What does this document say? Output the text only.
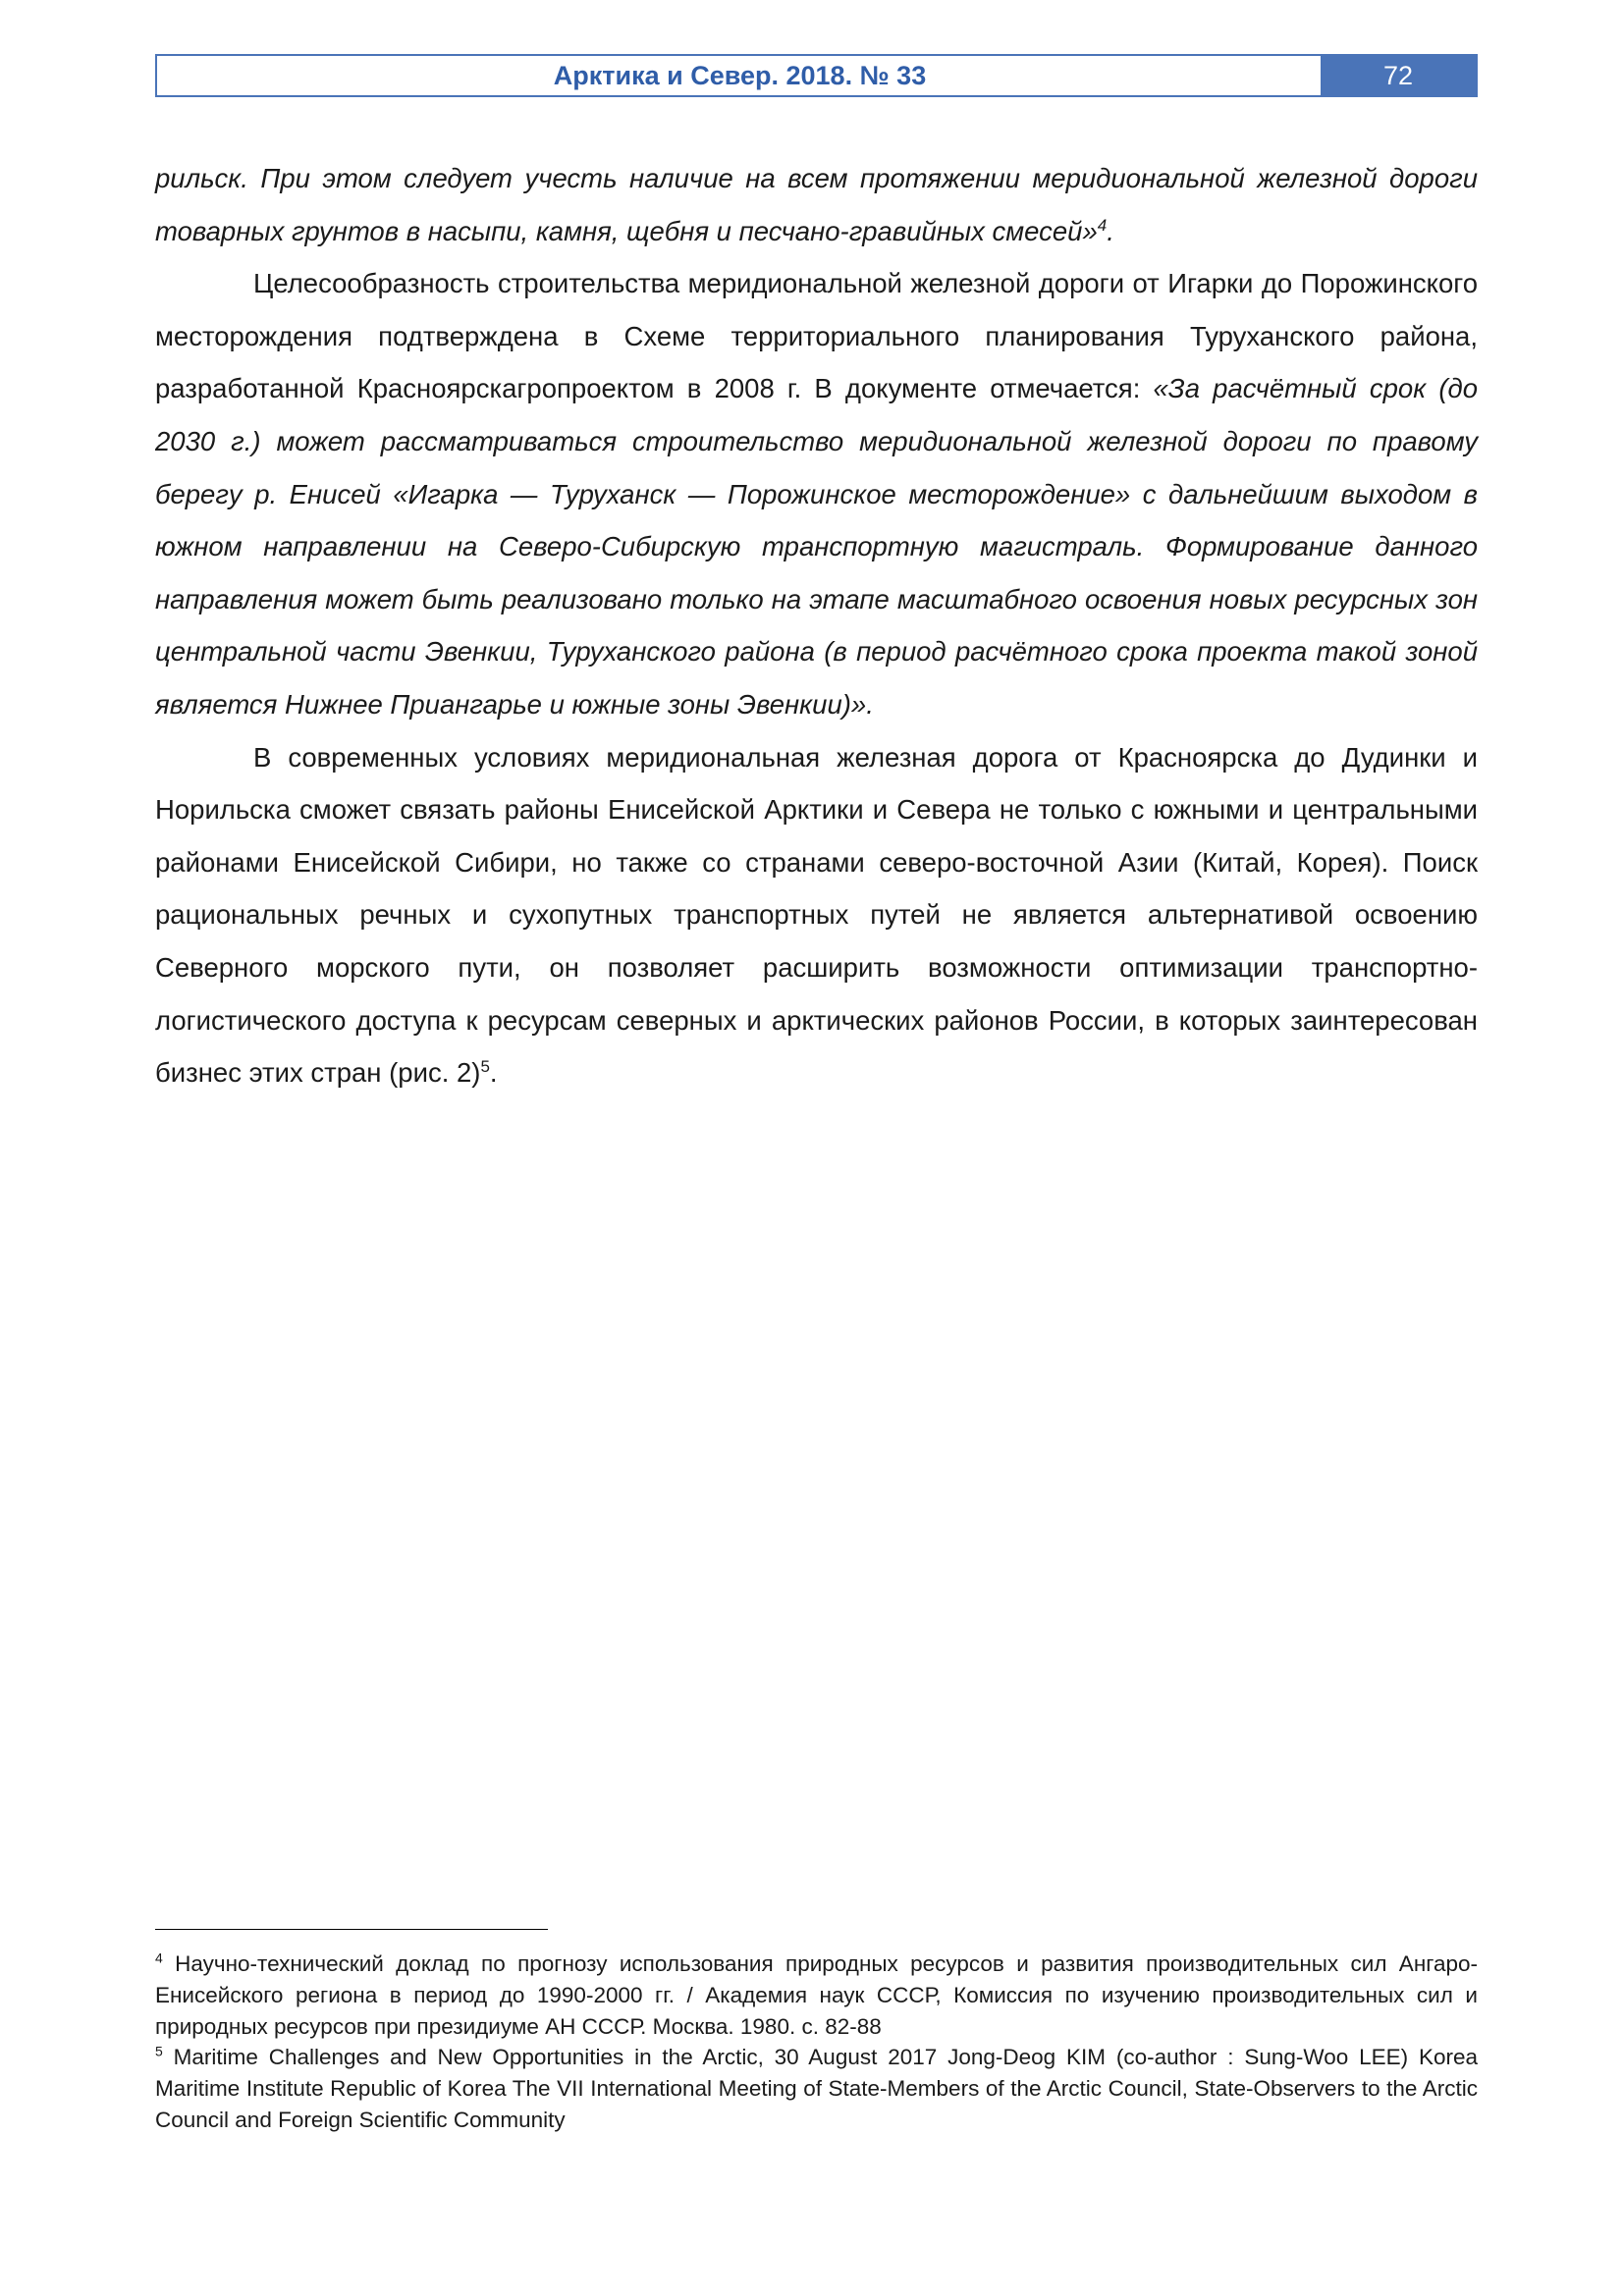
Арктика и Север. 2018. № 33	72

рильск. При этом следует учесть наличие на всем протяжении меридиональной железной дороги товарных грунтов в насыпи, камня, щебня и песчано-гравийных смесей»$^4$.

Целесообразность строительства меридиональной железной дороги от Игарки до Порожинского месторождения подтверждена в Схеме территориального планирования Туруханского района, разработанной Красноярскагропроектом в 2008 г. В документе отмечается: «За расчётный срок (до 2030 г.) может рассматриваться строительство меридиональной железной дороги по правому берегу р. Енисей «Игарка — Туруханск — Порожинское месторождение» с дальнейшим выходом в южном направлении на Северо-Сибирскую транспортную магистраль. Формирование данного направления может быть реализовано только на этапе масштабного освоения новых ресурсных зон центральной части Эвенкии, Туруханского района (в период расчётного срока проекта такой зоной является Нижнее Приангарье и южные зоны Эвенкии)».

В современных условиях меридиональная железная дорога от Красноярска до Дудинки и Норильска сможет связать районы Енисейской Арктики и Севера не только с южными и центральными районами Енисейской Сибири, но также со странами северо-восточной Азии (Китай, Корея). Поиск рациональных речных и сухопутных транспортных путей не является альтернативой освоению Северного морского пути, он позволяет расширить возможности оптимизации транспортно-логистического доступа к ресурсам северных и арктических районов России, в которых заинтересован бизнес этих стран (рис. 2)$^5$.

$^4$ Научно-технический доклад по прогнозу использования природных ресурсов и развития производительных сил Ангаро-Енисейского региона в период до 1990-2000 гг. / Академия наук СССР, Комиссия по изучению производительных сил и природных ресурсов при президиуме АН СССР. Москва. 1980. с. 82-88

$^5$ Maritime Challenges and New Opportunities in the Arctic, 30 August 2017 Jong-Deog KIM (co-author : Sung-Woo LEE) Korea Maritime Institute Republic of Korea The VII International Meeting of State-Members of the Arctic Council, State-Observers to the Arctic Council and Foreign Scientific Community
